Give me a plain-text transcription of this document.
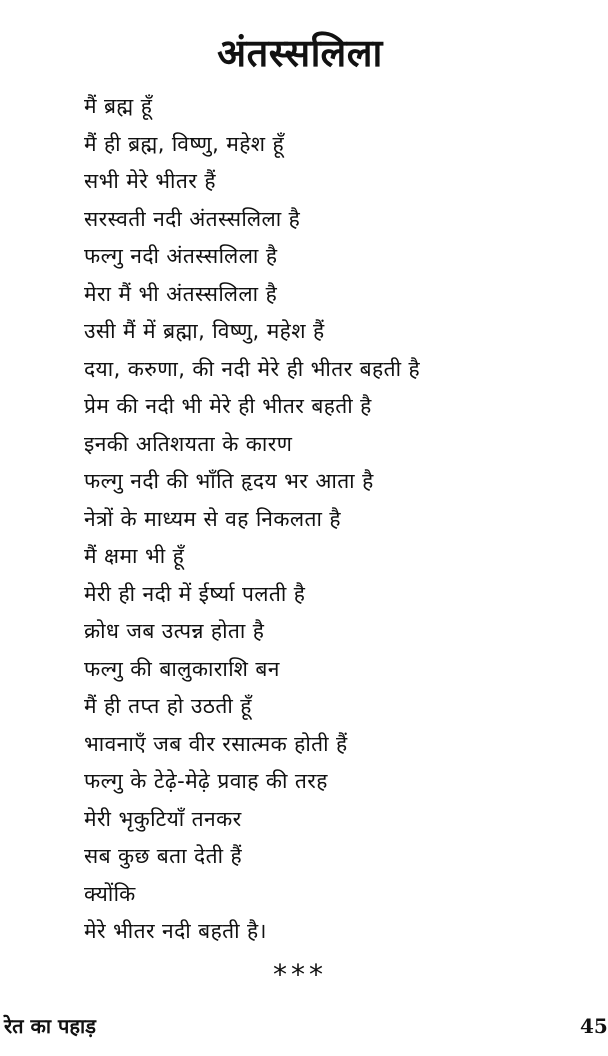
अंतस्सलिला
मैं ब्रह्म हूँ
मैं ही ब्रह्म, विष्णु, महेश हूँ
सभी मेरे भीतर हैं
सरस्वती नदी अंतस्सलिला है
फल्गु नदी अंतस्सलिला है
मेरा मैं भी अंतस्सलिला है
उसी मैं में ब्रह्मा, विष्णु, महेश हैं
दया, करुणा, की नदी मेरे ही भीतर बहती है
प्रेम की नदी भी मेरे ही भीतर बहती है
इनकी अतिशयता के कारण
फल्गु नदी की भाँति हृदय भर आता है
नेत्रों के माध्यम से वह निकलता है
मैं क्षमा भी हूँ
मेरी ही नदी में ईर्ष्या पलती है
क्रोध जब उत्पन्न होता है
फल्गु की बालुकाराशि बन
मैं ही तप्त हो उठती हूँ
भावनाएँ जब वीर रसात्मक होती हैं
फल्गु के टेढ़े-मेढ़े प्रवाह की तरह
मेरी भृकुटियाँ तनकर
सब कुछ बता देती हैं
क्योंकि
मेरे भीतर नदी बहती है।
***
रेत का पहाड़	45
